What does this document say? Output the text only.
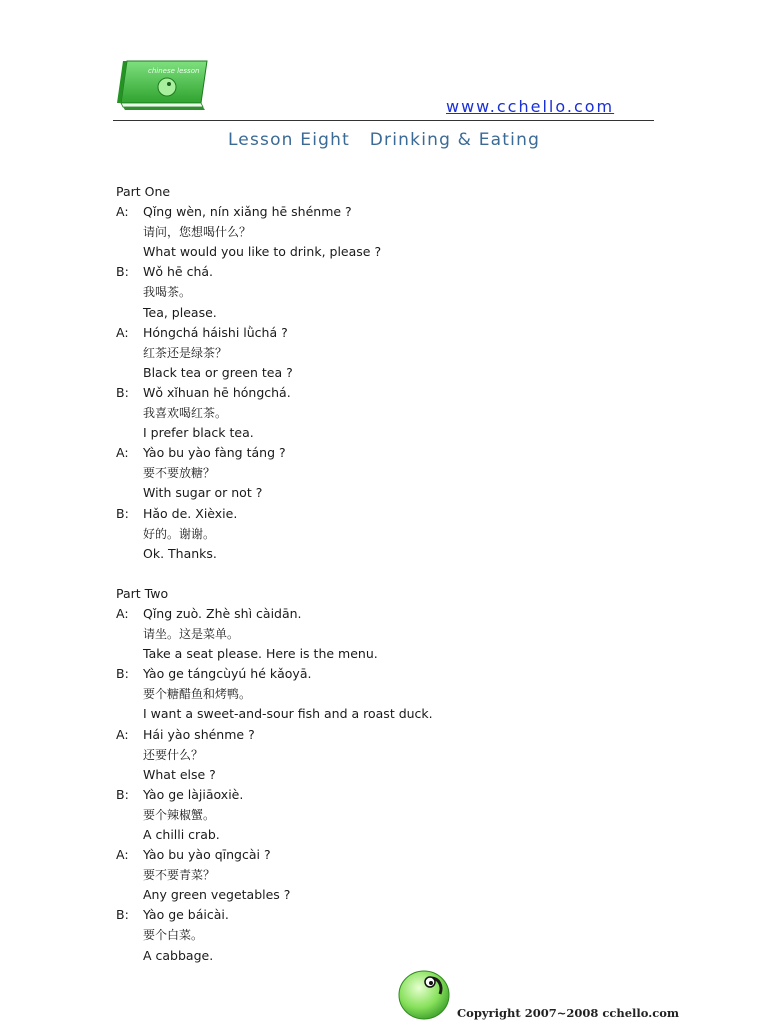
chinese lesson
www.cchello.com
Lesson Eight   Drinking & Eating
Part One
A: Qǐng wèn, nín xiǎng hē shénme ?
请问，您想喝什么？
What would you like to drink, please ?
B: Wǒ hē chá.
我喝茶。
Tea, please.
A: Hóngchá háishi lǜchá ?
红茶还是绿茶？
Black tea or green tea ?
B: Wǒ xǐhuan hē hóngchá.
我喜欢喝红茶。
I prefer black tea.
A: Yào bu yào fàng táng ?
要不要放糖？
With sugar or not ?
B: Hǎo de. Xièxie.
好的。谢谢。
Ok. Thanks.
Part Two
A: Qǐng zuò. Zhè shì càidān.
请坐。这是菜单。
Take a seat please. Here is the menu.
B: Yào ge tángcùyú hé kǎoyā.
要个糖醋鱼和烤鸭。
I want a sweet-and-sour fish and a roast duck.
A: Hái yào shénme ?
还要什么？
What else ?
B: Yào ge làjiāoxiè.
要个辣椒蟹。
A chilli crab.
A: Yào bu yào qīngcài ?
要不要青菜？
Any green vegetables ?
B: Yào ge báicài.
要个白菜。
A cabbage.
Copyright 2007~2008 cchello.com
